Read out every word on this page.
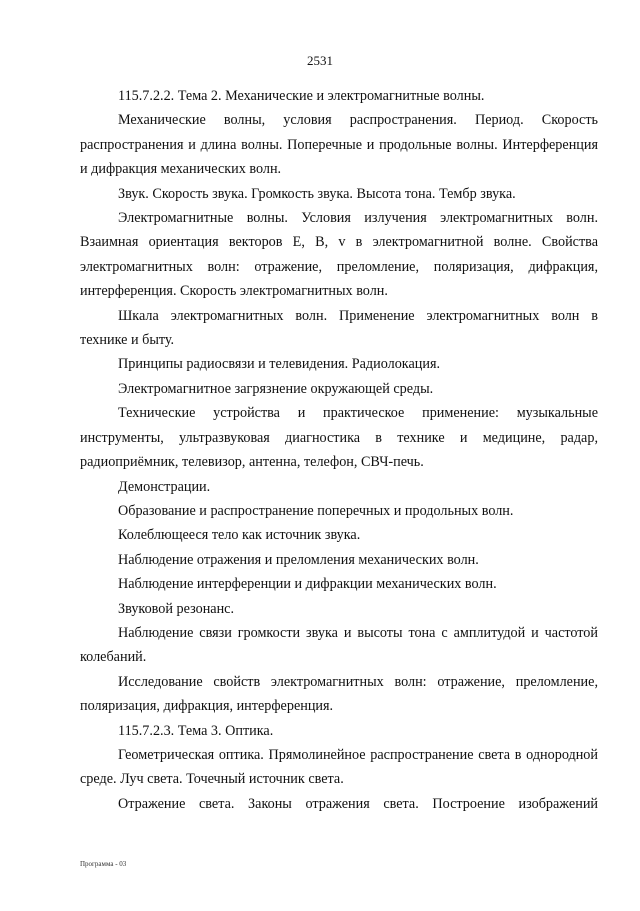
2531

115.7.2.2. Тема 2. Механические и электромагнитные волны.

Механические волны, условия распространения. Период. Скорость распространения и длина волны. Поперечные и продольные волны. Интерференция и дифракция механических волн.

Звук. Скорость звука. Громкость звука. Высота тона. Тембр звука.

Электромагнитные волны. Условия излучения электромагнитных волн. Взаимная ориентация векторов E, B, v в электромагнитной волне. Свойства электромагнитных волн: отражение, преломление, поляризация, дифракция, интерференция. Скорость электромагнитных волн.

Шкала электромагнитных волн. Применение электромагнитных волн в технике и быту.

Принципы радиосвязи и телевидения. Радиолокация.

Электромагнитное загрязнение окружающей среды.

Технические устройства и практическое применение: музыкальные инструменты, ультразвуковая диагностика в технике и медицине, радар, радиоприёмник, телевизор, антенна, телефон, СВЧ-печь.

Демонстрации.

Образование и распространение поперечных и продольных волн.

Колеблющееся тело как источник звука.

Наблюдение отражения и преломления механических волн.

Наблюдение интерференции и дифракции механических волн.

Звуковой резонанс.

Наблюдение связи громкости звука и высоты тона с амплитудой и частотой колебаний.

Исследование свойств электромагнитных волн: отражение, преломление, поляризация, дифракция, интерференция.

115.7.2.3. Тема 3. Оптика.

Геометрическая оптика. Прямолинейное распространение света в однородной среде. Луч света. Точечный источник света.

Отражение света. Законы отражения света. Построение изображений

Программа - 03
